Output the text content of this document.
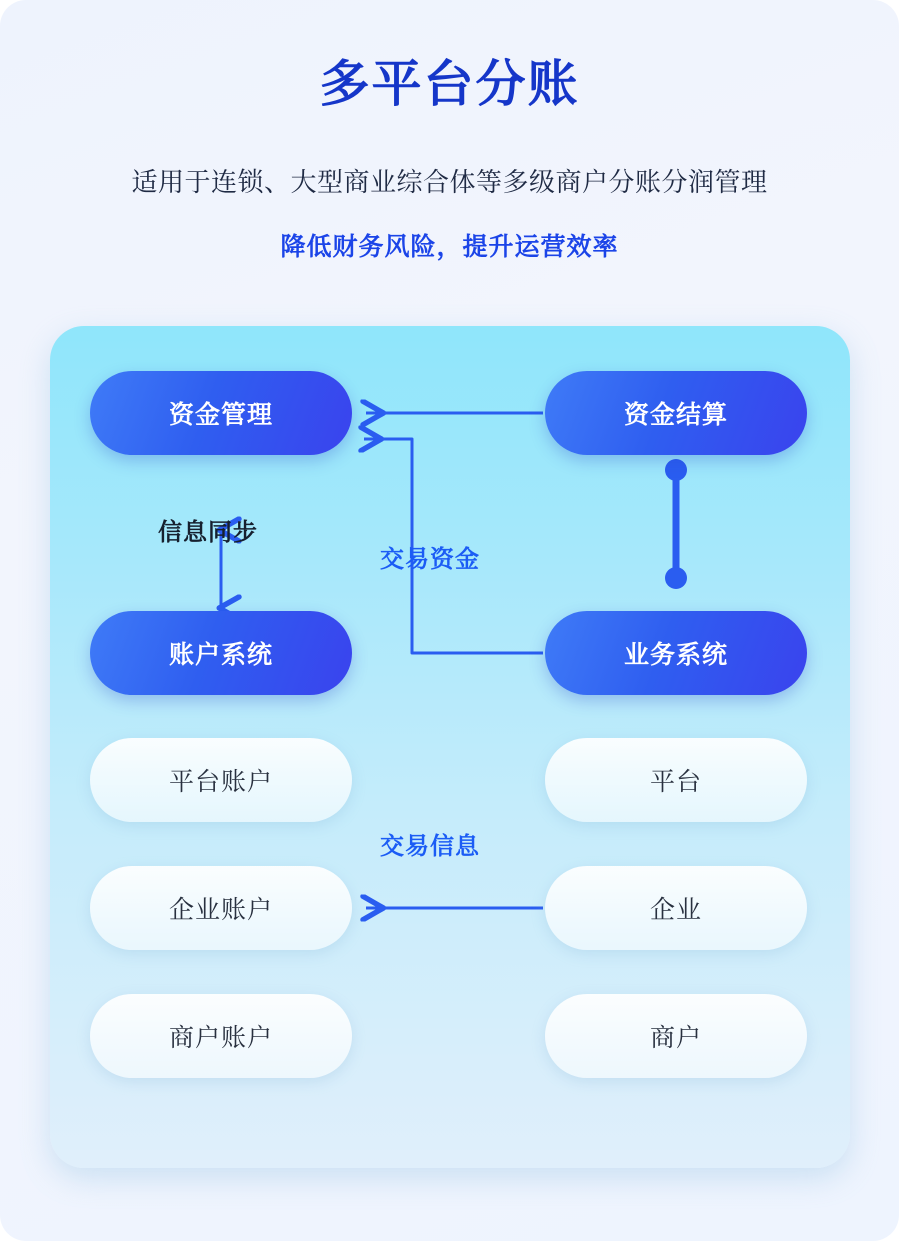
多平台分账

适用于连锁、大型商业综合体等多级商户分账分润管理

降低财务风险，提升运营效率

资金管理	资金结算
账户系统	业务系统
平台账户
企业账户
商户账户
平台
企业
商户
信息同步
交易资金
交易信息
